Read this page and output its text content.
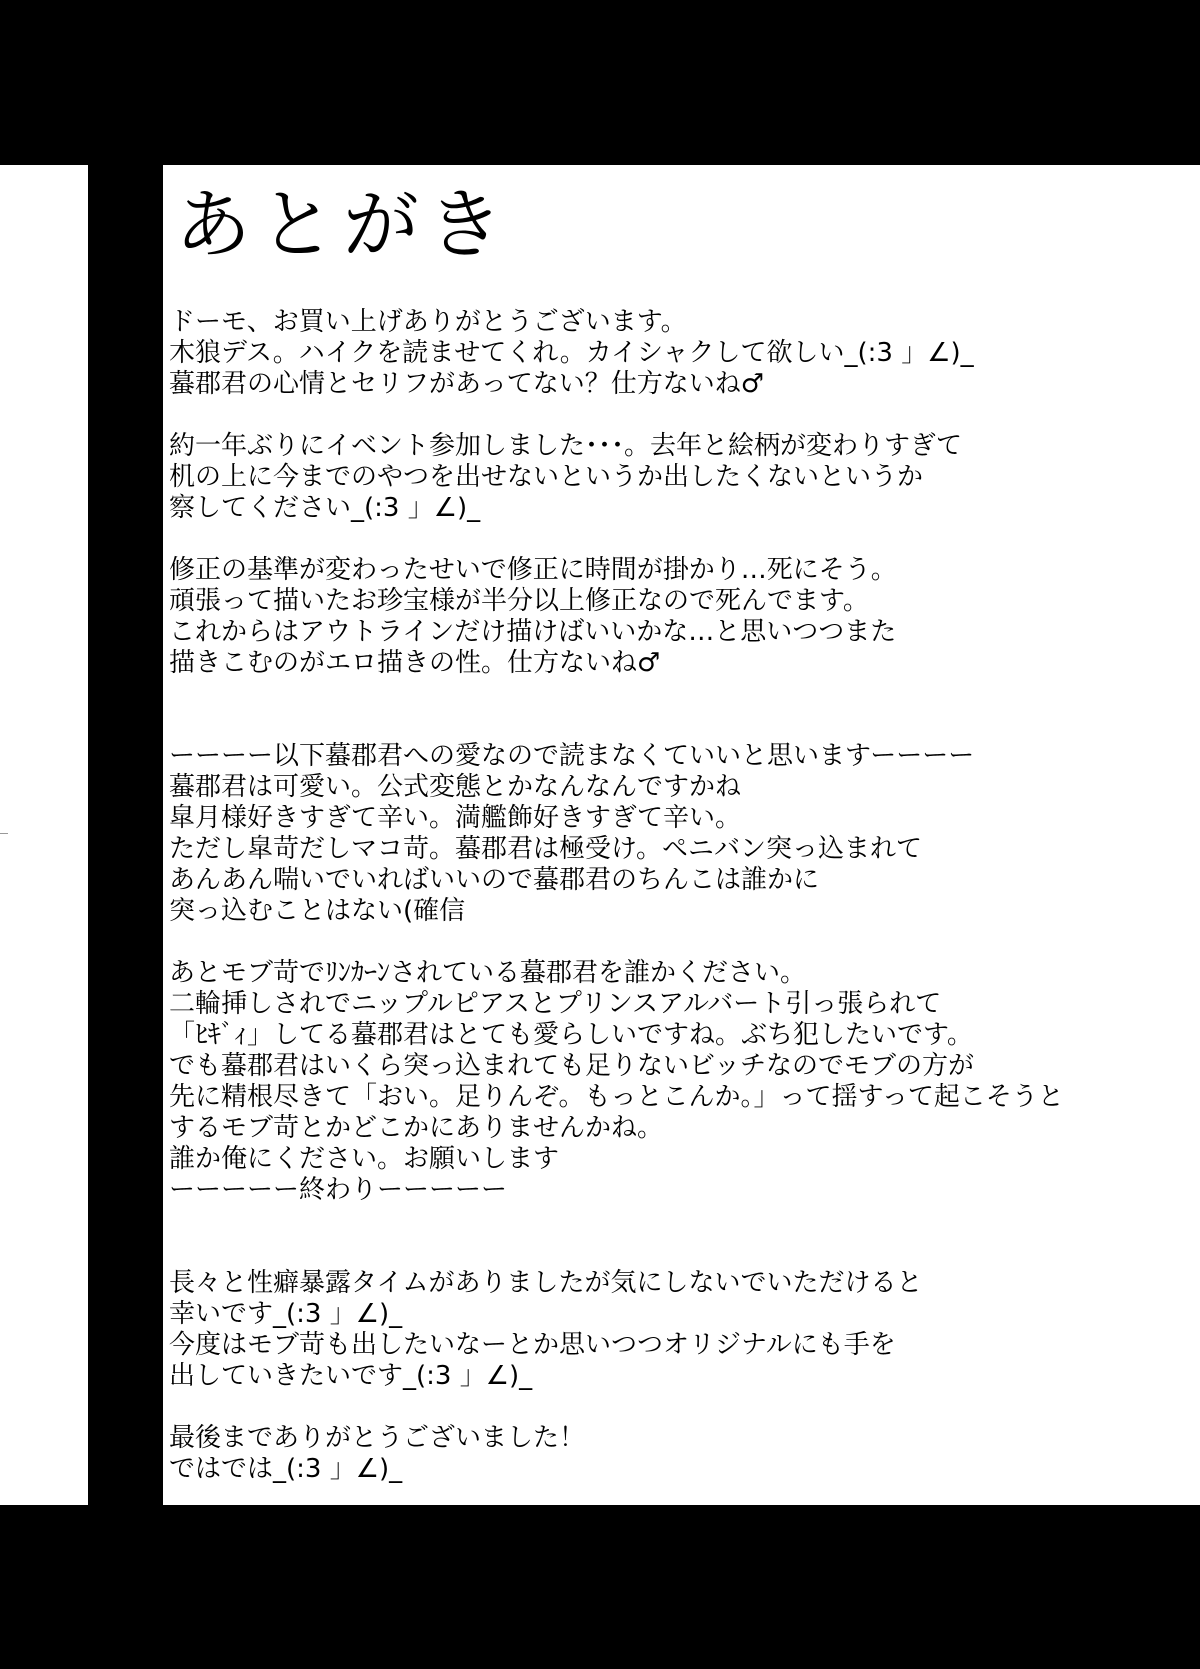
あとがき
ドーモ、お買い上げありがとうございます。
木狼デス。ハイクを読ませてくれ。カイシャクして欲しい_(:3 」∠)_
蟇郡君の心情とセリフがあってない？仕方ないね♂
約一年ぶりにイベント参加しました･･･。去年と絵柄が変わりすぎて
机の上に今までのやつを出せないというか出したくないというか
察してください_(:3 」∠)_
修正の基準が変わったせいで修正に時間が掛かり…死にそう。
頑張って描いたお珍宝様が半分以上修正なので死んでます。
これからはアウトラインだけ描けばいいかな…と思いつつまた
描きこむのがエロ描きの性。仕方ないね♂
ーーーー以下蟇郡君への愛なので読まなくていいと思いますーーーー
蟇郡君は可愛い。公式変態とかなんなんですかね
皐月様好きすぎて辛い。満艦飾好きすぎて辛い。
ただし皐苛だしマコ苛。蟇郡君は極受け。ペニバン突っ込まれて
あんあん喘いでいればいいので蟇郡君のちんこは誰かに
突っ込むことはない(確信
あとモブ苛でﾘﾝｶｰﾝされている蟇郡君を誰かください。
二輪挿しされでニップルピアスとプリンスアルバート引っ張られて
「ﾋｷﾞｨ」してる蟇郡君はとても愛らしいですね。ぶち犯したいです。
でも蟇郡君はいくら突っ込まれても足りないビッチなのでモブの方が
先に精根尽きて「おい。足りんぞ。もっとこんか。」って揺すって起こそうと
するモブ苛とかどこかにありませんかね。
誰か俺にください。お願いします
ーーーーー終わりーーーーー
長々と性癖暴露タイムがありましたが気にしないでいただけると
幸いです_(:3 」∠)_
今度はモブ苛も出したいなーとか思いつつオリジナルにも手を
出していきたいです_(:3 」∠)_
最後までありがとうございました！
ではでは_(:3 」∠)_
